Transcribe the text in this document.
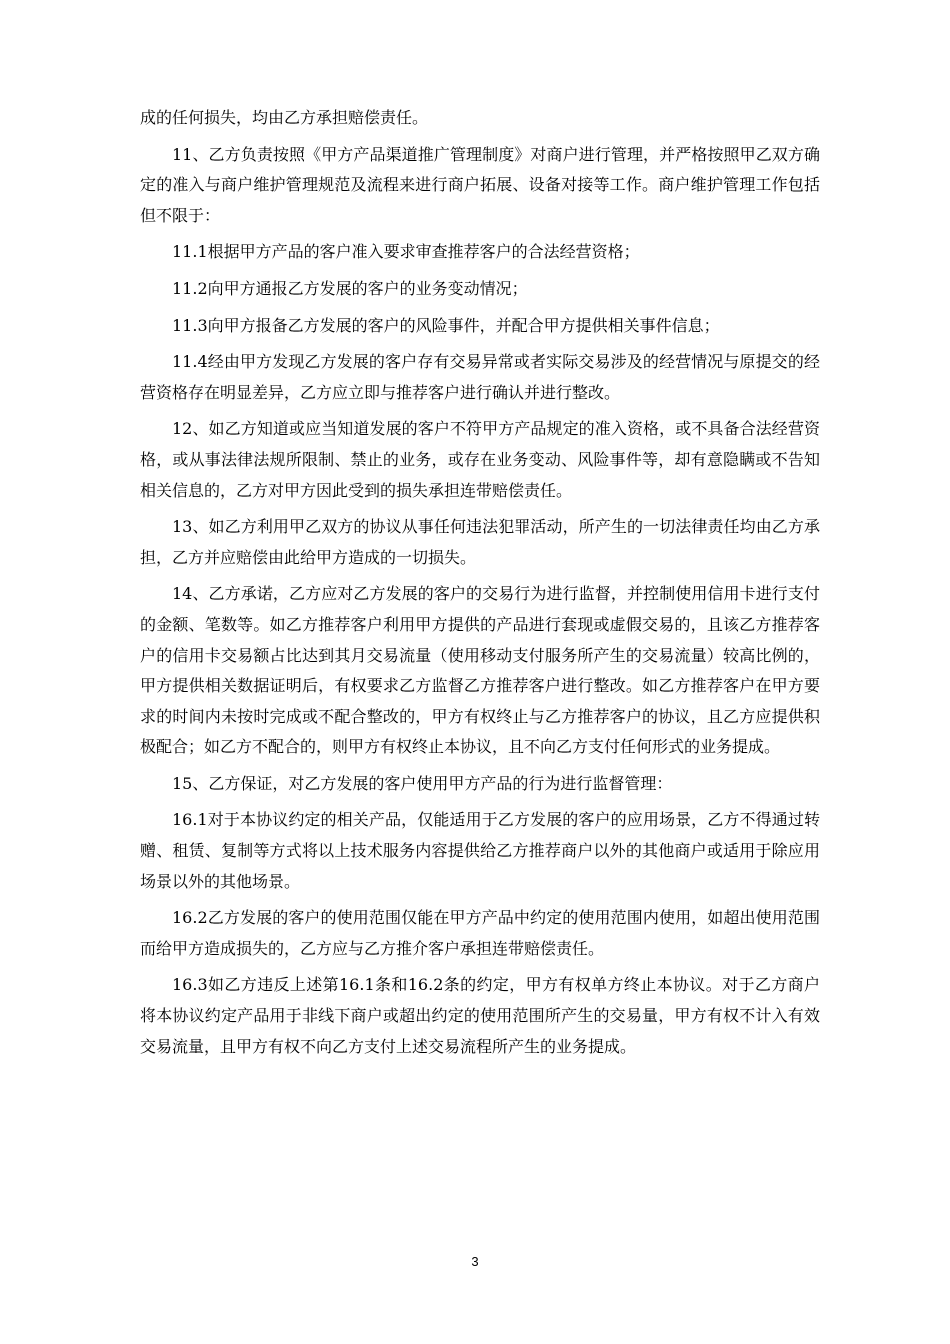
成的任何损失，均由乙方承担赔偿责任。

11、乙方负责按照《甲方产品渠道推广管理制度》对商户进行管理，并严格按照甲乙双方确定的准入与商户维护管理规范及流程来进行商户拓展、设备对接等工作。商户维护管理工作包括但不限于：

11.1根据甲方产品的客户准入要求审查推荐客户的合法经营资格；

11.2向甲方通报乙方发展的客户的业务变动情况；

11.3向甲方报备乙方发展的客户的风险事件，并配合甲方提供相关事件信息；

11.4经由甲方发现乙方发展的客户存有交易异常或者实际交易涉及的经营情况与原提交的经营资格存在明显差异，乙方应立即与推荐客户进行确认并进行整改。

12、如乙方知道或应当知道发展的客户不符甲方产品规定的准入资格，或不具备合法经营资格，或从事法律法规所限制、禁止的业务，或存在业务变动、风险事件等，却有意隐瞒或不告知相关信息的，乙方对甲方因此受到的损失承担连带赔偿责任。

13、如乙方利用甲乙双方的协议从事任何违法犯罪活动，所产生的一切法律责任均由乙方承担，乙方并应赔偿由此给甲方造成的一切损失。

14、乙方承诺，乙方应对乙方发展的客户的交易行为进行监督，并控制使用信用卡进行支付的金额、笔数等。如乙方推荐客户利用甲方提供的产品进行套现或虚假交易的，且该乙方推荐客户的信用卡交易额占比达到其月交易流量（使用移动支付服务所产生的交易流量）较高比例的，甲方提供相关数据证明后，有权要求乙方监督乙方推荐客户进行整改。如乙方推荐客户在甲方要求的时间内未按时完成或不配合整改的，甲方有权终止与乙方推荐客户的协议，且乙方应提供积极配合；如乙方不配合的，则甲方有权终止本协议，且不向乙方支付任何形式的业务提成。

15、乙方保证，对乙方发展的客户使用甲方产品的行为进行监督管理：

16.1对于本协议约定的相关产品，仅能适用于乙方发展的客户的应用场景，乙方不得通过转赠、租赁、复制等方式将以上技术服务内容提供给乙方推荐商户以外的其他商户或适用于除应用场景以外的其他场景。

16.2乙方发展的客户的使用范围仅能在甲方产品中约定的使用范围内使用，如超出使用范围而给甲方造成损失的，乙方应与乙方推介客户承担连带赔偿责任。

16.3如乙方违反上述第16.1条和16.2条的约定，甲方有权单方终止本协议。对于乙方商户将本协议约定产品用于非线下商户或超出约定的使用范围所产生的交易量，甲方有权不计入有效交易流量，且甲方有权不向乙方支付上述交易流程所产生的业务提成。

3
